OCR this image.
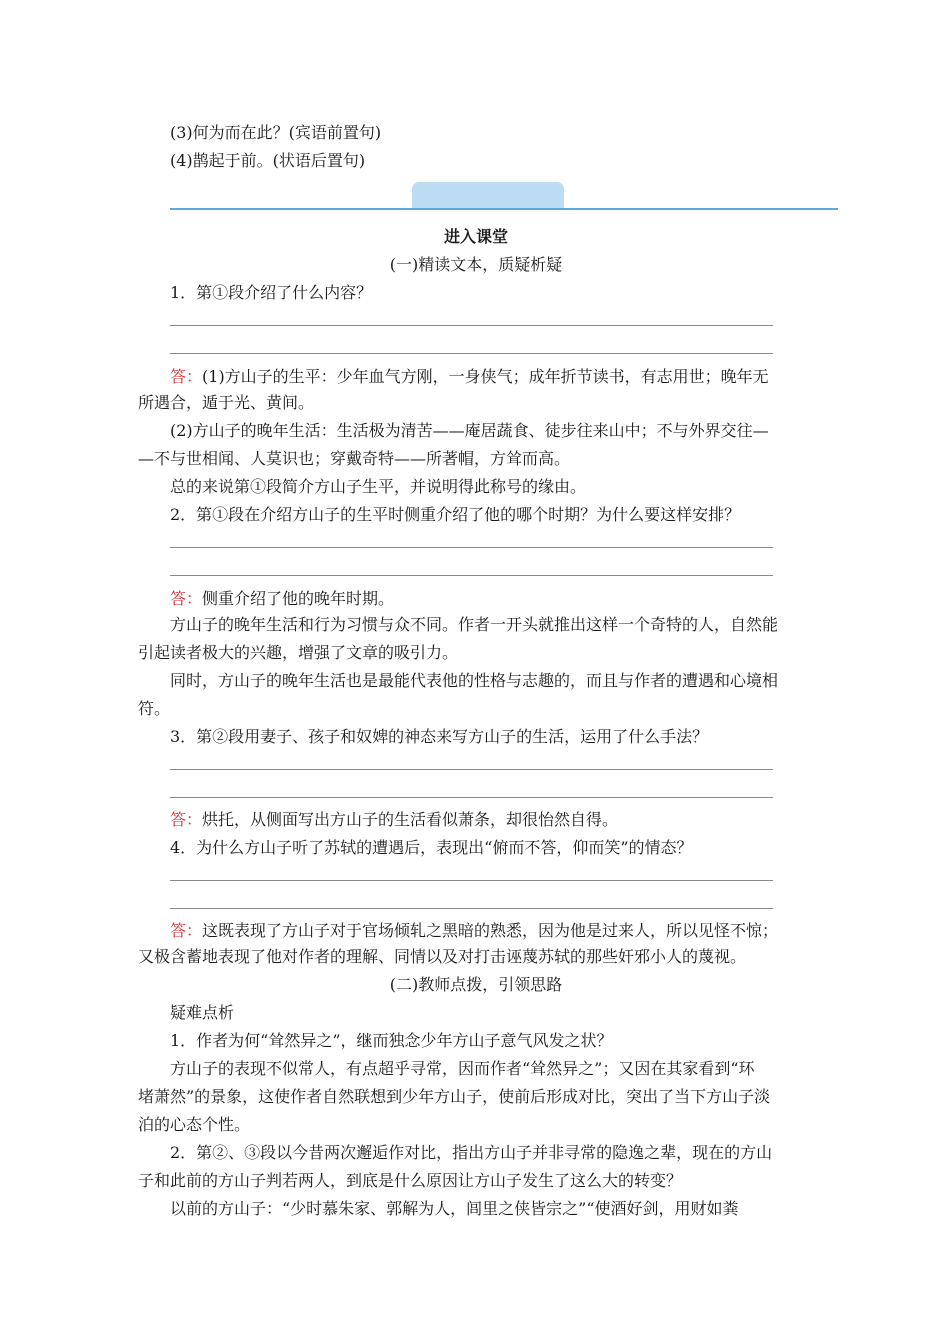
(3)何为而在此？(宾语前置句)
(4)鹊起于前。(状语后置句)
进入课堂
(一)精读文本，质疑析疑
1．第①段介绍了什么内容？
答：(1)方山子的生平：少年血气方刚，一身侠气；成年折节读书，有志用世；晚年无
所遇合，遁于光、黄间。
(2)方山子的晚年生活：生活极为清苦——庵居蔬食、徒步往来山中；不与外界交往—
—不与世相闻、人莫识也；穿戴奇特——所著帽，方耸而高。
总的来说第①段简介方山子生平，并说明得此称号的缘由。
2．第①段在介绍方山子的生平时侧重介绍了他的哪个时期？为什么要这样安排？
答：侧重介绍了他的晚年时期。
方山子的晚年生活和行为习惯与众不同。作者一开头就推出这样一个奇特的人，自然能
引起读者极大的兴趣，增强了文章的吸引力。
同时，方山子的晚年生活也是最能代表他的性格与志趣的，而且与作者的遭遇和心境相
符。
3．第②段用妻子、孩子和奴婢的神态来写方山子的生活，运用了什么手法？
答：烘托，从侧面写出方山子的生活看似萧条，却很怡然自得。
4．为什么方山子听了苏轼的遭遇后，表现出“俯而不答，仰而笑”的情态？
答：这既表现了方山子对于官场倾轧之黑暗的熟悉，因为他是过来人，所以见怪不惊；
又极含蓄地表现了他对作者的理解、同情以及对打击诬蔑苏轼的那些奸邪小人的蔑视。
(二)教师点拨，引领思路
疑难点析
1．作者为何“耸然异之”，继而独念少年方山子意气风发之状？
方山子的表现不似常人，有点超乎寻常，因而作者“耸然异之”；又因在其家看到“环
堵萧然”的景象，这使作者自然联想到少年方山子，使前后形成对比，突出了当下方山子淡
泊的心态个性。
2．第②、③段以今昔两次邂逅作对比，指出方山子并非寻常的隐逸之辈，现在的方山
子和此前的方山子判若两人，到底是什么原因让方山子发生了这么大的转变？
以前的方山子：“少时慕朱家、郭解为人，闾里之侠皆宗之”“使酒好剑，用财如粪
